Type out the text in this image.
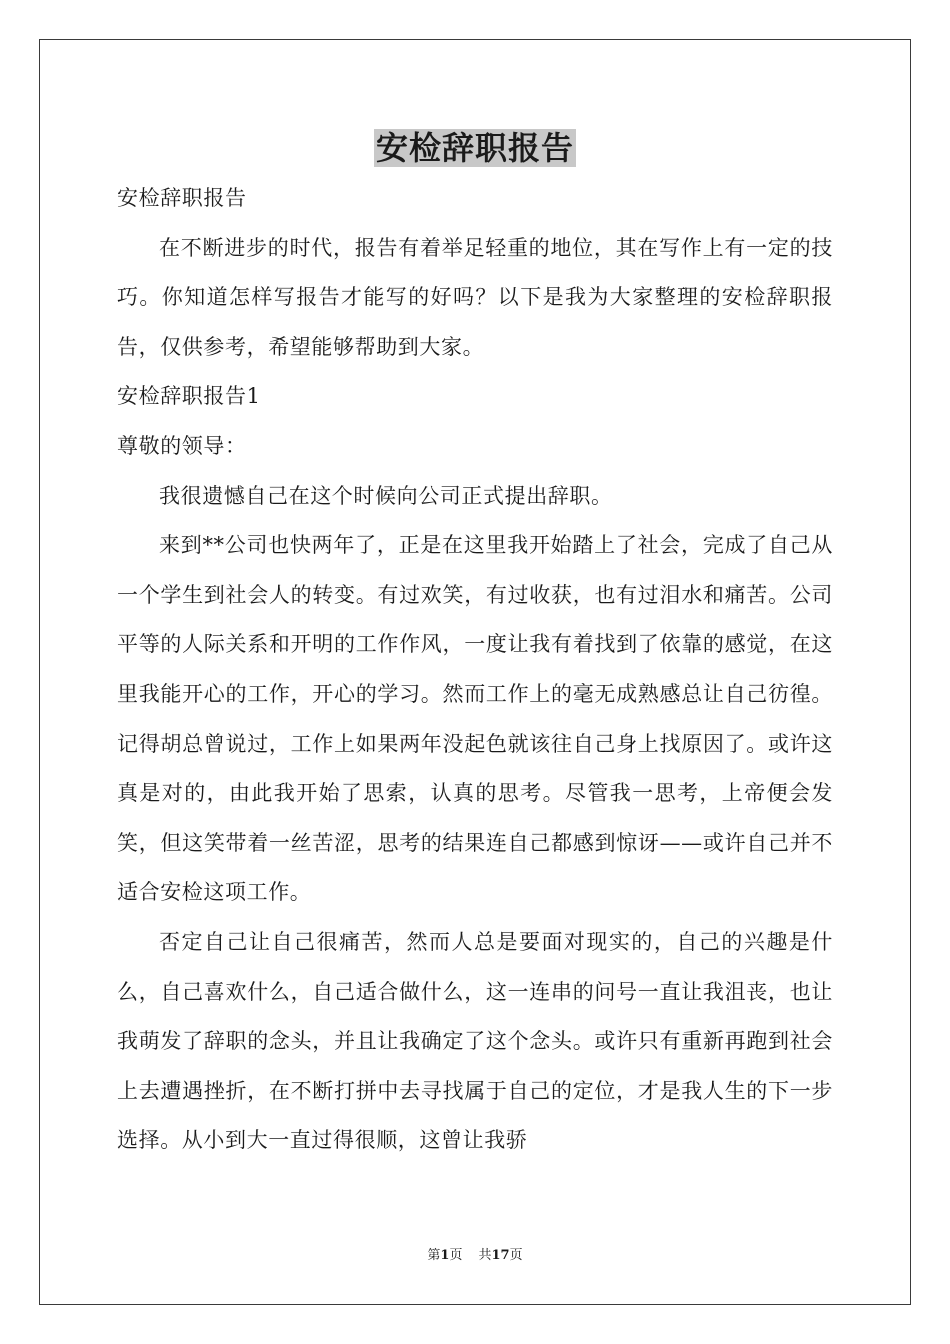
安检辞职报告

安检辞职报告

在不断进步的时代，报告有着举足轻重的地位，其在写作上有一定的技巧。你知道怎样写报告才能写的好吗？以下是我为大家整理的安检辞职报告，仅供参考，希望能够帮助到大家。

安检辞职报告1

尊敬的领导：

我很遗憾自己在这个时候向公司正式提出辞职。

来到**公司也快两年了，正是在这里我开始踏上了社会，完成了自己从一个学生到社会人的转变。有过欢笑，有过收获，也有过泪水和痛苦。公司平等的人际关系和开明的工作作风，一度让我有着找到了依靠的感觉，在这里我能开心的工作，开心的学习。然而工作上的毫无成熟感总让自己彷徨。记得胡总曾说过，工作上如果两年没起色就该往自己身上找原因了。或许这真是对的，由此我开始了思索，认真的思考。尽管我一思考，上帝便会发笑，但这笑带着一丝苦涩，思考的结果连自己都感到惊讶——或许自己并不适合安检这项工作。

否定自己让自己很痛苦，然而人总是要面对现实的，自己的兴趣是什么，自己喜欢什么，自己适合做什么，这一连串的问号一直让我沮丧，也让我萌发了辞职的念头，并且让我确定了这个念头。或许只有重新再跑到社会上去遭遇挫折，在不断打拼中去寻找属于自己的定位，才是我人生的下一步选择。从小到大一直过得很顺，这曾让我骄

第1页 共17页
